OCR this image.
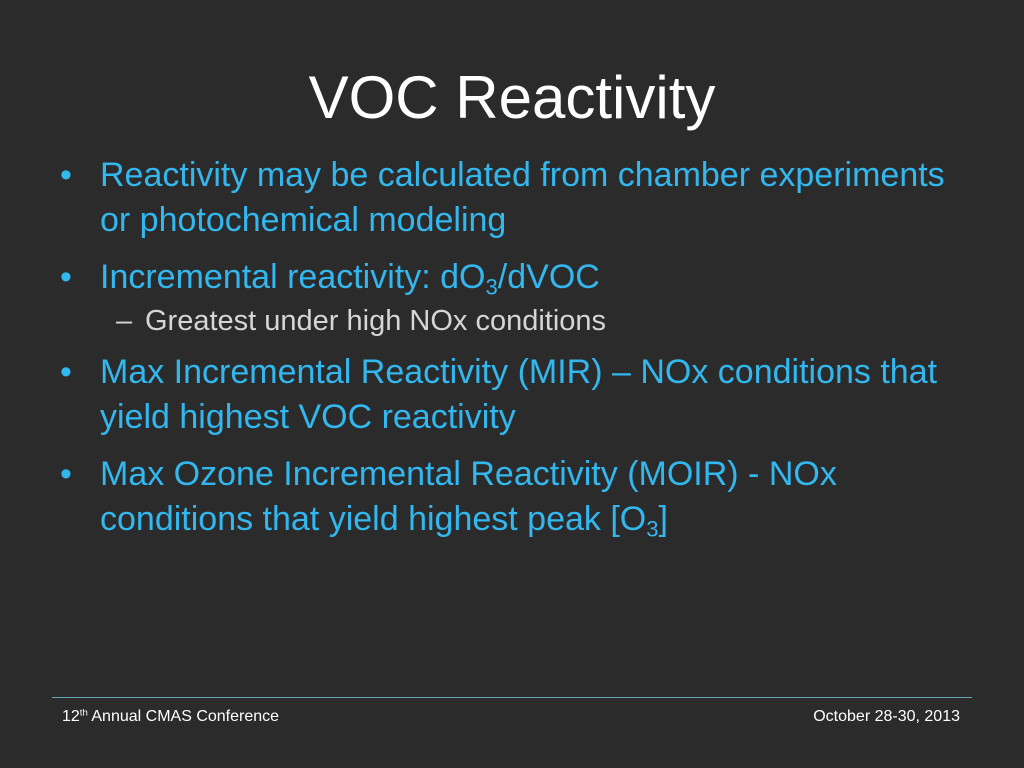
VOC Reactivity
• Reactivity may be calculated from chamber experiments or photochemical modeling
• Incremental reactivity: $dO_3$/dVOC
– Greatest under high NOx conditions
• Max Incremental Reactivity (MIR) – NOx conditions that yield highest VOC reactivity
• Max Ozone Incremental Reactivity (MOIR) - NOx conditions that yield highest peak $[O_3]$
12th Annual CMAS Conference	October 28-30, 2013
